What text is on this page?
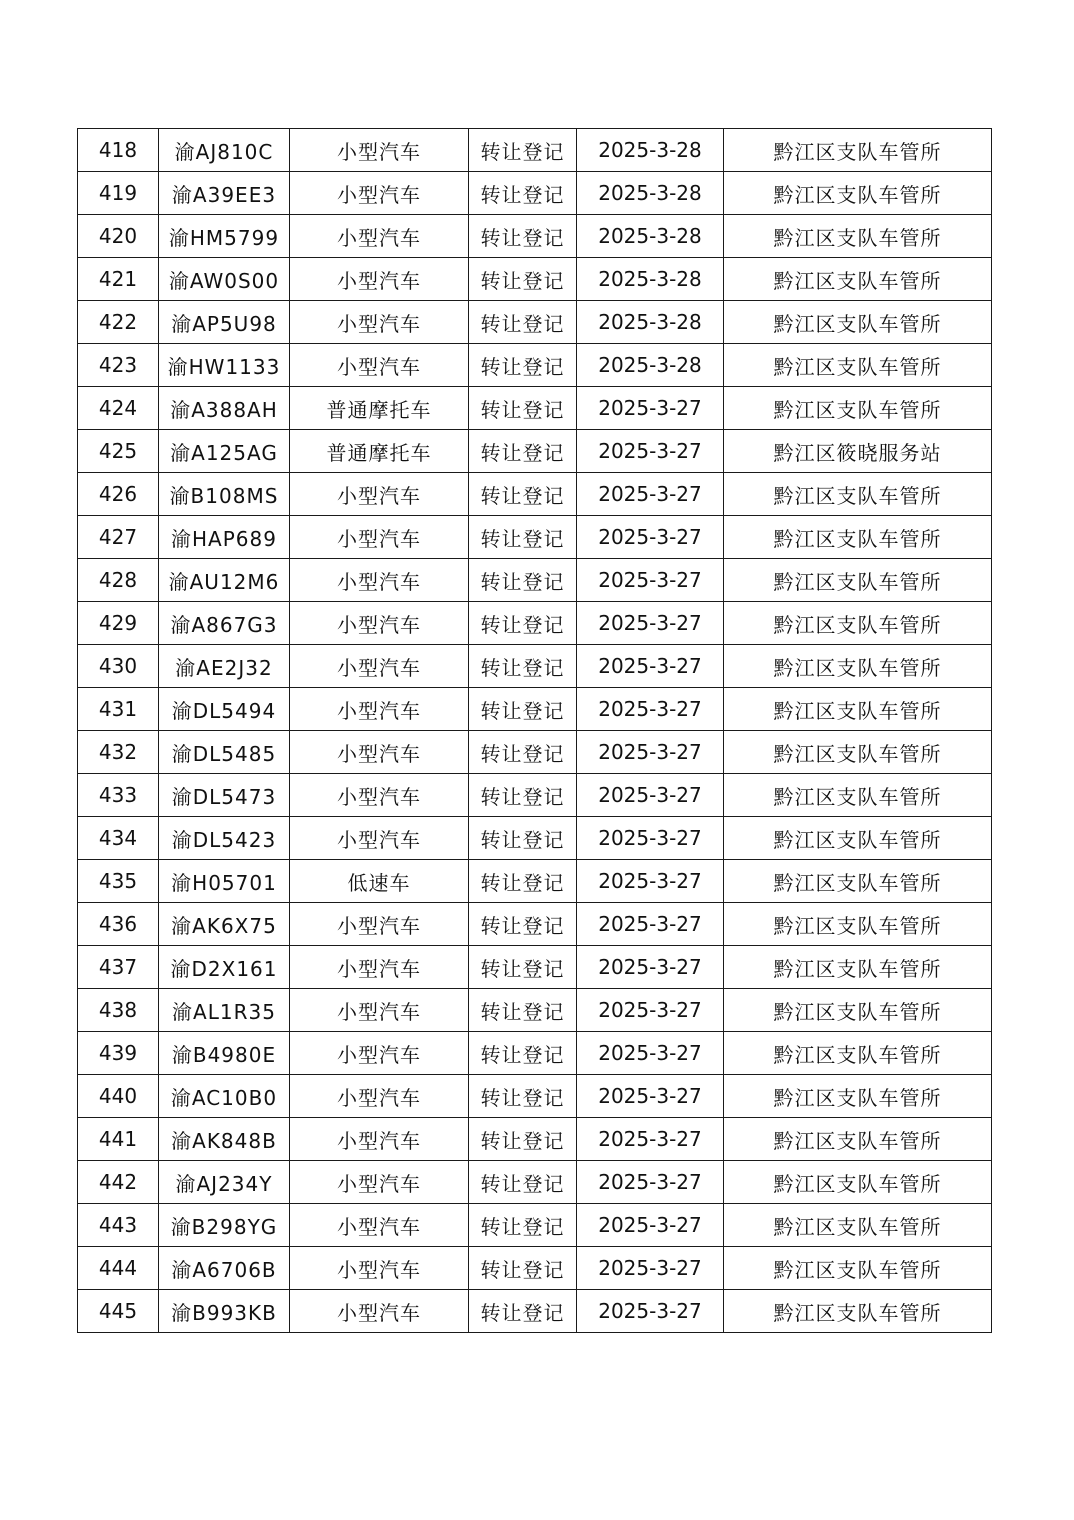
418	渝AJ810C	小型汽车	转让登记	2025-3-28	黔江区支队车管所
419	渝A39EE3	小型汽车	转让登记	2025-3-28	黔江区支队车管所
420	渝HM5799	小型汽车	转让登记	2025-3-28	黔江区支队车管所
421	渝AW0S00	小型汽车	转让登记	2025-3-28	黔江区支队车管所
422	渝AP5U98	小型汽车	转让登记	2025-3-28	黔江区支队车管所
423	渝HW1133	小型汽车	转让登记	2025-3-28	黔江区支队车管所
424	渝A388AH	普通摩托车	转让登记	2025-3-27	黔江区支队车管所
425	渝A125AG	普通摩托车	转让登记	2025-3-27	黔江区筱晓服务站
426	渝B108MS	小型汽车	转让登记	2025-3-27	黔江区支队车管所
427	渝HAP689	小型汽车	转让登记	2025-3-27	黔江区支队车管所
428	渝AU12M6	小型汽车	转让登记	2025-3-27	黔江区支队车管所
429	渝A867G3	小型汽车	转让登记	2025-3-27	黔江区支队车管所
430	渝AE2J32	小型汽车	转让登记	2025-3-27	黔江区支队车管所
431	渝DL5494	小型汽车	转让登记	2025-3-27	黔江区支队车管所
432	渝DL5485	小型汽车	转让登记	2025-3-27	黔江区支队车管所
433	渝DL5473	小型汽车	转让登记	2025-3-27	黔江区支队车管所
434	渝DL5423	小型汽车	转让登记	2025-3-27	黔江区支队车管所
435	渝H05701	低速车	转让登记	2025-3-27	黔江区支队车管所
436	渝AK6X75	小型汽车	转让登记	2025-3-27	黔江区支队车管所
437	渝D2X161	小型汽车	转让登记	2025-3-27	黔江区支队车管所
438	渝AL1R35	小型汽车	转让登记	2025-3-27	黔江区支队车管所
439	渝B4980E	小型汽车	转让登记	2025-3-27	黔江区支队车管所
440	渝AC10B0	小型汽车	转让登记	2025-3-27	黔江区支队车管所
441	渝AK848B	小型汽车	转让登记	2025-3-27	黔江区支队车管所
442	渝AJ234Y	小型汽车	转让登记	2025-3-27	黔江区支队车管所
443	渝B298YG	小型汽车	转让登记	2025-3-27	黔江区支队车管所
444	渝A6706B	小型汽车	转让登记	2025-3-27	黔江区支队车管所
445	渝B993KB	小型汽车	转让登记	2025-3-27	黔江区支队车管所
